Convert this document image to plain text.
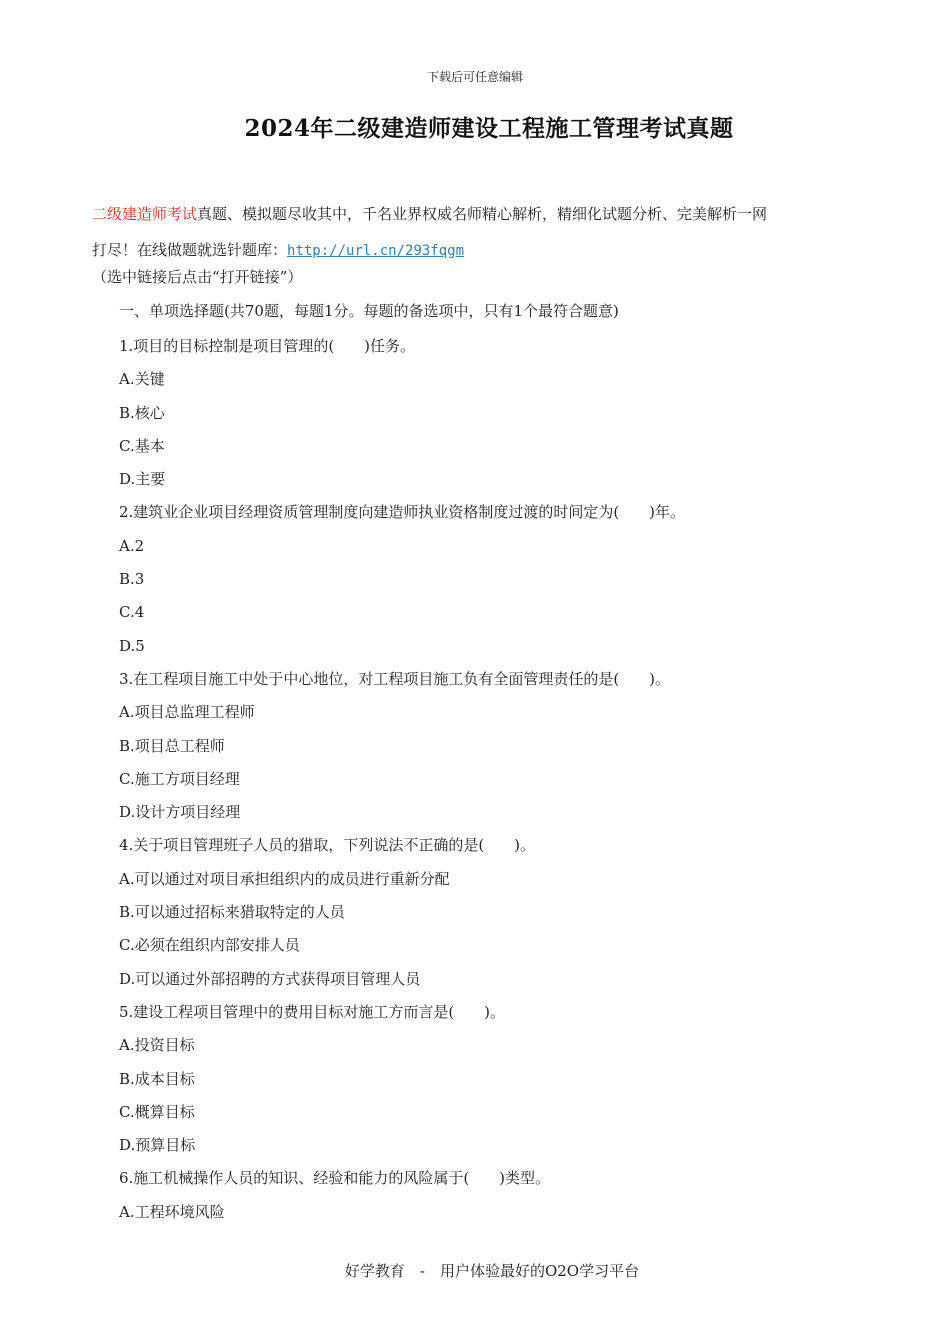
下载后可任意编辑
2024年二级建造师建设工程施工管理考试真题
二级建造师考试真题、模拟题尽收其中，千名业界权威名师精心解析，精细化试题分析、完美解析一网
打尽！在线做题就选针题库：http://url.cn/293fqgm
（选中链接后点击“打开链接”）
一、单项选择题(共70题，每题1分。每题的备选项中，只有1个最符合题意)
1.项目的目标控制是项目管理的(　　)任务。
A.关键
B.核心
C.基本
D.主要
2.建筑业企业项目经理资质管理制度向建造师执业资格制度过渡的时间定为(　　)年。
A.2
B.3
C.4
D.5
3.在工程项目施工中处于中心地位，对工程项目施工负有全面管理责任的是(　　)。
A.项目总监理工程师
B.项目总工程师
C.施工方项目经理
D.设计方项目经理
4.关于项目管理班子人员的猎取，下列说法不正确的是(　　)。
A.可以通过对项目承担组织内的成员进行重新分配
B.可以通过招标来猎取特定的人员
C.必须在组织内部安排人员
D.可以通过外部招聘的方式获得项目管理人员
5.建设工程项目管理中的费用目标对施工方而言是(　　)。
A.投资目标
B.成本目标
C.概算目标
D.预算目标
6.施工机械操作人员的知识、经验和能力的风险属于(　　)类型。
A.工程环境风险
好学教育　-　用户体验最好的O2O学习平台
